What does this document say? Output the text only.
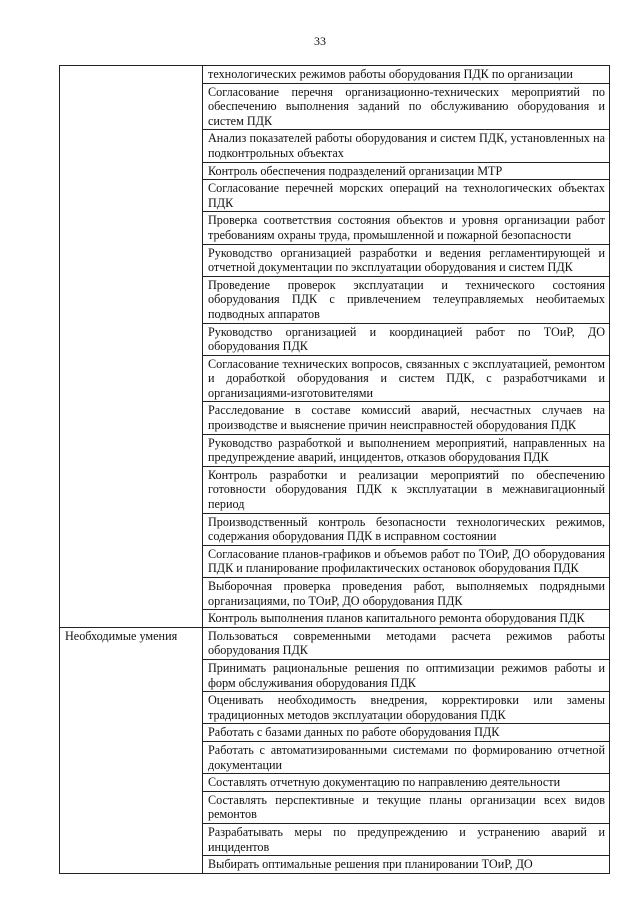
33
	технологических режимов работы оборудования ПДК по организации
	Согласование перечня организационно-технических мероприятий по обеспечению выполнения заданий по обслуживанию оборудования и систем ПДК
	Анализ показателей работы оборудования и систем ПДК, установленных на подконтрольных объектах
	Контроль обеспечения подразделений организации МТР
	Согласование перечней морских операций на технологических объектах ПДК
	Проверка соответствия состояния объектов и уровня организации работ требованиям охраны труда, промышленной и пожарной безопасности
	Руководство организацией разработки и ведения регламентирующей и отчетной документации по эксплуатации оборудования и систем ПДК
	Проведение проверок эксплуатации и технического состояния оборудования ПДК с привлечением телеуправляемых необитаемых подводных аппаратов
	Руководство организацией и координацией работ по ТОиР, ДО оборудования ПДК
	Согласование технических вопросов, связанных с эксплуатацией, ремонтом и доработкой оборудования и систем ПДК, с разработчиками и организациями-изготовителями
	Расследование в составе комиссий аварий, несчастных случаев на производстве и выяснение причин неисправностей оборудования ПДК
	Руководство разработкой и выполнением мероприятий, направленных на предупреждение аварий, инцидентов, отказов оборудования ПДК
	Контроль разработки и реализации мероприятий по обеспечению готовности оборудования ПДК к эксплуатации в межнавигационный период
	Производственный контроль безопасности технологических режимов, содержания оборудования ПДК в исправном состоянии
	Согласование планов-графиков и объемов работ по ТОиР, ДО оборудования ПДК и планирование профилактических остановок оборудования ПДК
	Выборочная проверка проведения работ, выполняемых подрядными организациями, по ТОиР, ДО оборудования ПДК
	Контроль выполнения планов капитального ремонта оборудования ПДК
Необходимые умения	Пользоваться современными методами расчета режимов работы оборудования ПДК
	Принимать рациональные решения по оптимизации режимов работы и форм обслуживания оборудования ПДК
	Оценивать необходимость внедрения, корректировки или замены традиционных методов эксплуатации оборудования ПДК
	Работать с базами данных по работе оборудования ПДК
	Работать с автоматизированными системами по формированию отчетной документации
	Составлять отчетную документацию по направлению деятельности
	Составлять перспективные и текущие планы организации всех видов ремонтов
	Разрабатывать меры по предупреждению и устранению аварий и инцидентов
	Выбирать оптимальные решения при планировании ТОиР, ДО
